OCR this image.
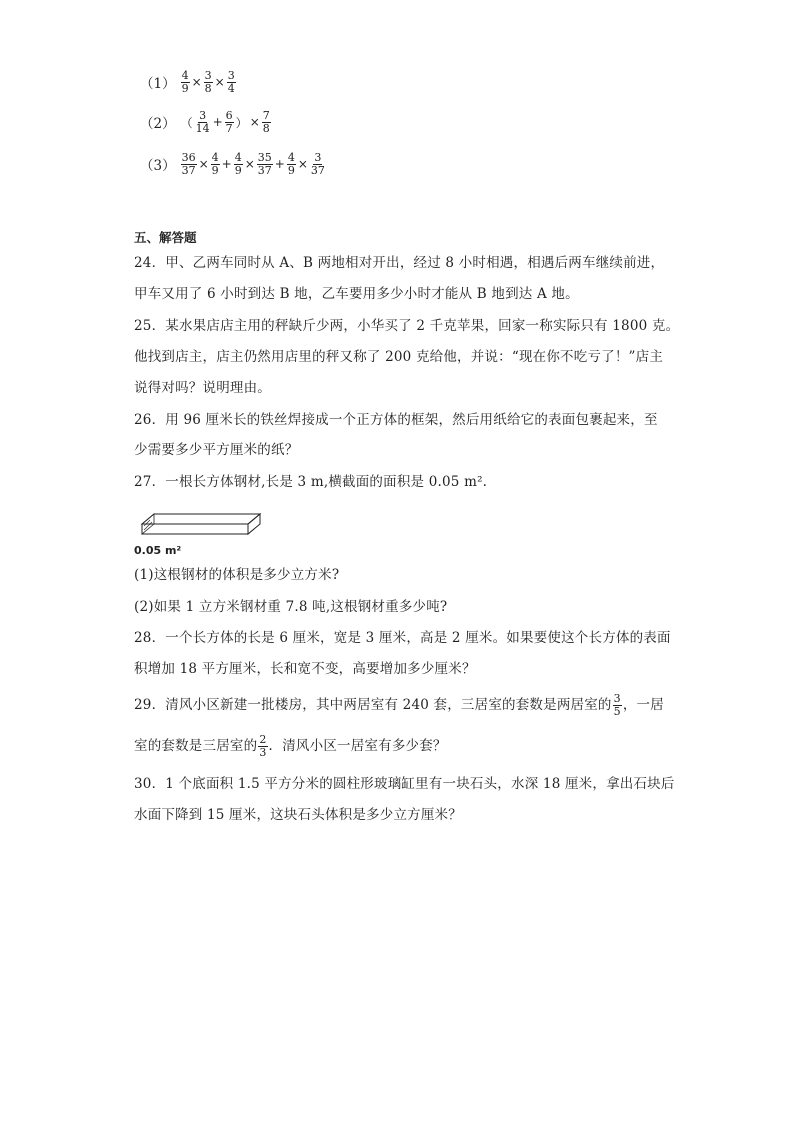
$(1) \frac{4}{9} \times \frac{3}{8} \times \frac{3}{4}$
（2） （ $\frac{3}{14} + \frac{6}{7}$ ） × $\frac{7}{8}$
$(3) \frac{36}{37} \times \frac{4}{9} + \frac{4}{9} \times \frac{35}{37} + \frac{4}{9} \times \frac{3}{37}$
五、解答题
24．甲、乙两车同时从 A、B 两地相对开出，经过 8 小时相遇，相遇后两车继续前进，
甲车又用了 6 小时到达 B 地，乙车要用多少小时才能从 B 地到达 A 地。
25．某水果店店主用的秤缺斤少两，小华买了 2 千克苹果，回家一称实际只有 1800 克。
他找到店主，店主仍然用店里的秤又称了 200 克给他，并说：“现在你不吃亏了！”店主
说得对吗？说明理由。
26．用 96 厘米长的铁丝焊接成一个正方体的框架，然后用纸给它的表面包裹起来，至
少需要多少平方厘米的纸？
27．一根长方体钢材,长是 3 m,横截面的面积是 0.05 m².
0.05 m²
(1)这根钢材的体积是多少立方米?
(2)如果 1 立方米钢材重 7.8 吨,这根钢材重多少吨?
28．一个长方体的长是 6 厘米，宽是 3 厘米，高是 2 厘米。如果要使这个长方体的表面
积增加 18 平方厘米，长和宽不变，高要增加多少厘米？
29．清风小区新建一批楼房，其中两居室有 240 套，三居室的套数是两居室的 $\frac{3}{5}$ ，一居
室的套数是三居室的 $\frac{2}{3}$ ．清风小区一居室有多少套？
30．1 个底面积 1.5 平方分米的圆柱形玻璃缸里有一块石头，水深 18 厘米，拿出石块后
水面下降到 15 厘米，这块石头体积是多少立方厘米？
